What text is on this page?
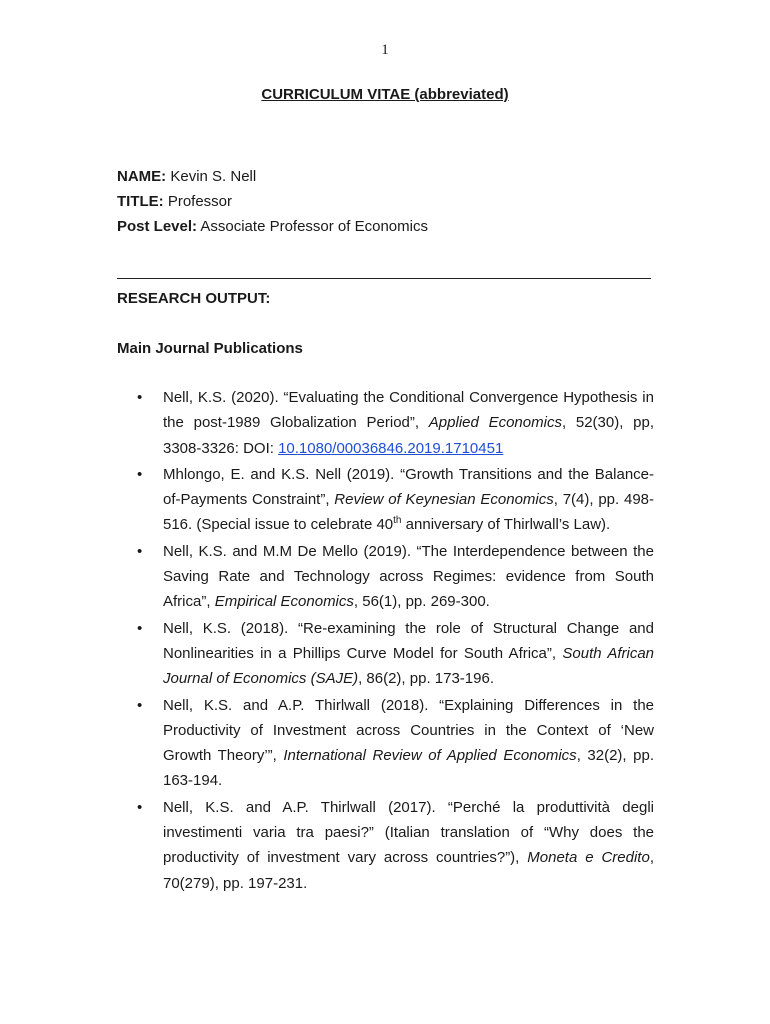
1
CURRICULUM VITAE (abbreviated)
NAME: Kevin S. Nell
TITLE: Professor
Post Level: Associate Professor of Economics
RESEARCH OUTPUT:
Main Journal Publications
• Nell, K.S. (2020). “Evaluating the Conditional Convergence Hypothesis in the post-1989 Globalization Period”, Applied Economics, 52(30), pp, 3308-3326: DOI: 10.1080/00036846.2019.1710451
• Mhlongo, E. and K.S. Nell (2019). “Growth Transitions and the Balance-of-Payments Constraint”, Review of Keynesian Economics, 7(4), pp. 498-516. (Special issue to celebrate 40th anniversary of Thirlwall’s Law).
• Nell, K.S. and M.M De Mello (2019). “The Interdependence between the Saving Rate and Technology across Regimes: evidence from South Africa”, Empirical Economics, 56(1), pp. 269-300.
• Nell, K.S. (2018). “Re-examining the role of Structural Change and Nonlinearities in a Phillips Curve Model for South Africa”, South African Journal of Economics (SAJE), 86(2), pp. 173-196.
• Nell, K.S. and A.P. Thirlwall (2018). “Explaining Differences in the Productivity of Investment across Countries in the Context of ‘New Growth Theory’”, International Review of Applied Economics, 32(2), pp. 163-194.
• Nell, K.S. and A.P. Thirlwall (2017). “Perché la produttività degli investimenti varia tra paesi?” (Italian translation of “Why does the productivity of investment vary across countries?”), Moneta e Credito, 70(279), pp. 197-231.
